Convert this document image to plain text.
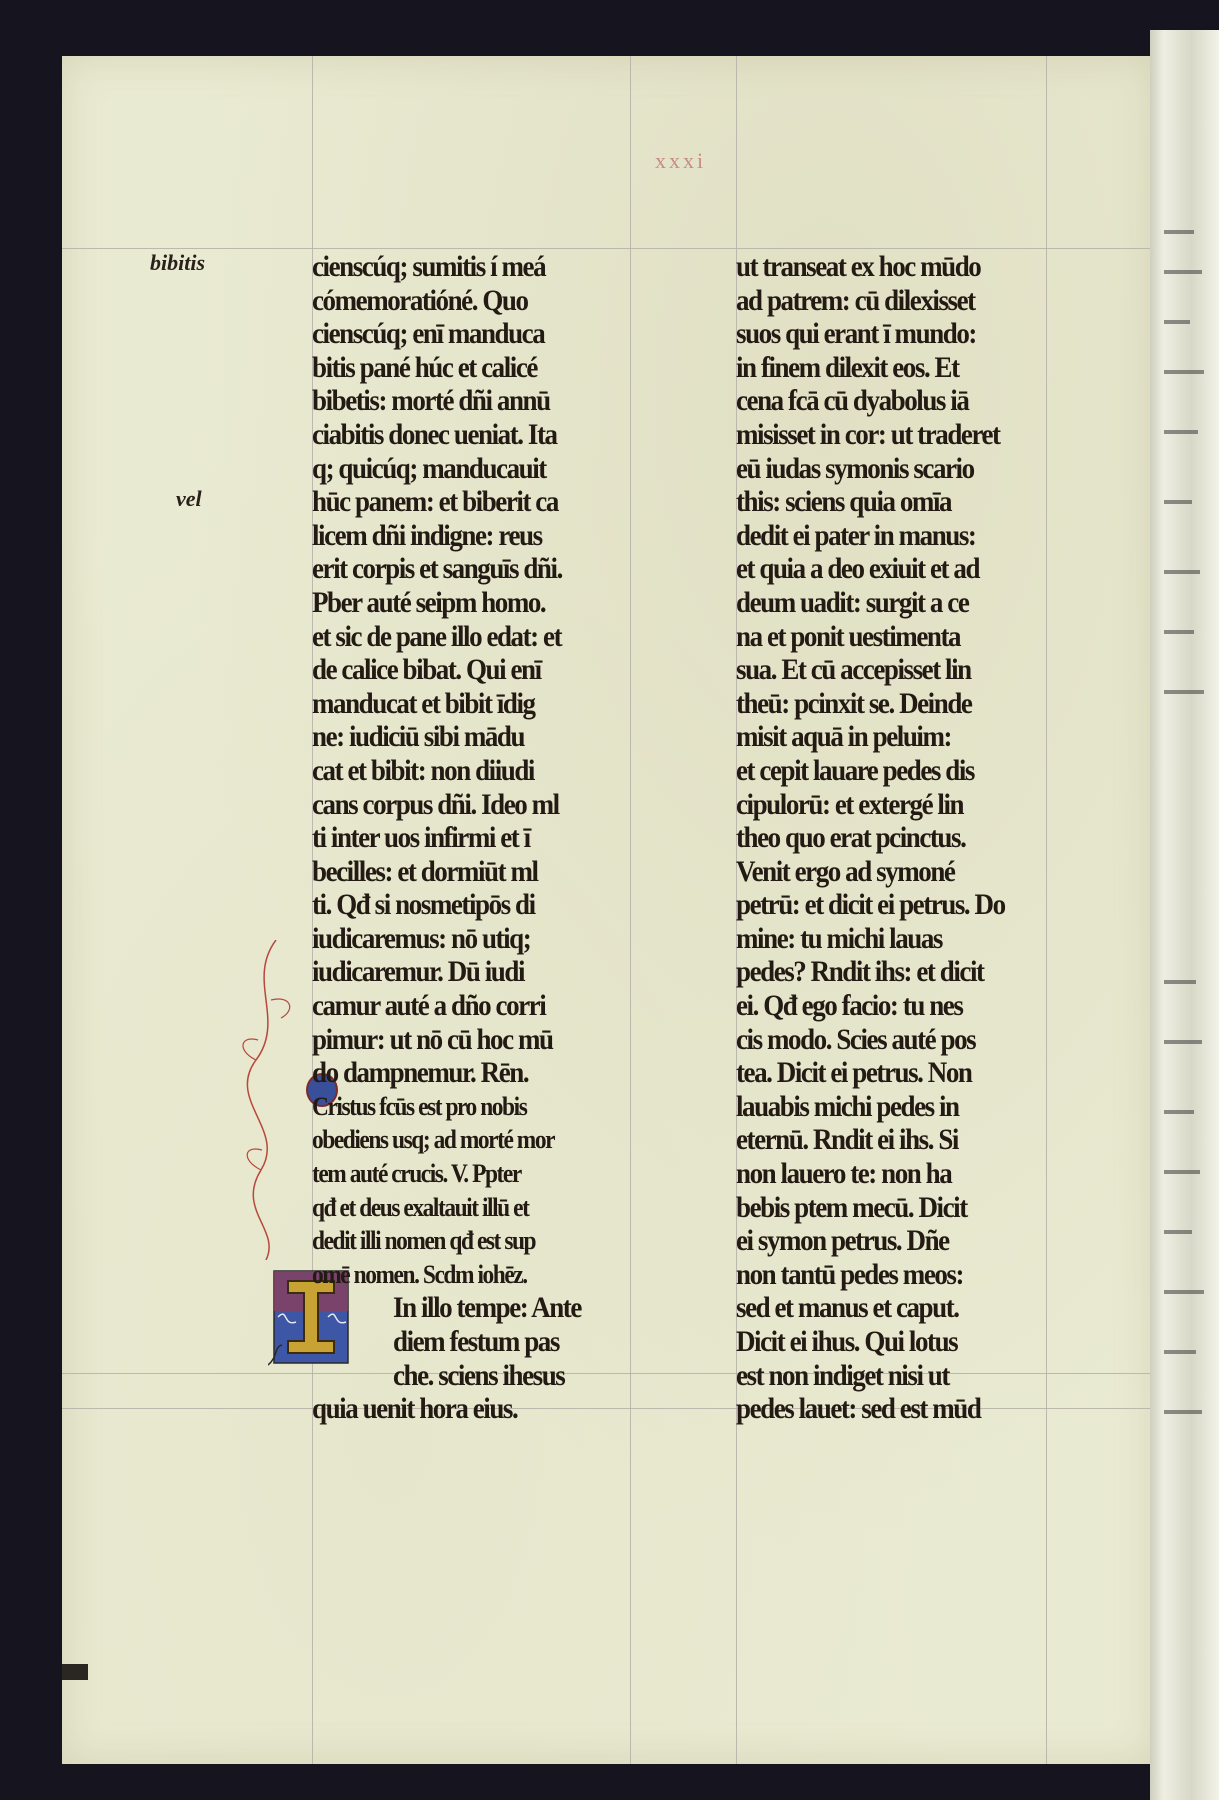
xxxi
bibitis
vel
cienscúq; sumitis í meá
cómemoratióné. Quo
cienscúq; enī manduca
bitis pané húc et calicé
bibetis: morté dñi annū
ciabitis donec ueniat. Ita
q; quicúq; manducauit
hūc panem: et biberit ca
licem dñi indigne: reus
erit corpis et sanguīs dñi.
Pber auté seipm homo.
et sic de pane illo edat: et
de calice bibat. Qui enī
manducat et bibit īdig
ne: iudiciū sibi mādu
cat et bibit: non diiudi
cans corpus dñi. Ideo ml
ti inter uos infirmi et ī
becilles: et dormiūt ml
ti. Qđ si nosmetipōs di
iudicaremus: nō utiq;
iudicaremur. Dū iudi
camur auté a dño corri
pimur: ut nō cū hoc mū
do dampnemur. Rēn.
Cristus fcūs est pro nobis
obediens usq; ad morté mor
tem auté crucis. V. Ppter
qđ et deus exaltauit illū et
dedit illi nomen qđ est sup
omē nomen. Scdm iohēz.
In illo tempe: Ante
diem festum pas
che. sciens ihesus
quia uenit hora eius.
ut transeat ex hoc mūdo
ad patrem: cū dilexisset
suos qui erant ī mundo:
in finem dilexit eos. Et
cena fcā cū dyabolus iā
misisset in cor: ut traderet
eū iudas symonis scario
this: sciens quia omīa
dedit ei pater in manus:
et quia a deo exiuit et ad
deum uadit: surgit a ce
na et ponit uestimenta
sua. Et cū accepisset lin
theū: pcinxit se. Deinde
misit aquā in peluim:
et cepit lauare pedes dis
cipulorū: et extergé lin
theo quo erat pcinctus.
Venit ergo ad symoné
petrū: et dicit ei petrus. Do
mine: tu michi lauas
pedes? Rndit ihs: et dicit
ei. Qđ ego facio: tu nes
cis modo. Scies auté pos
tea. Dicit ei petrus. Non
lauabis michi pedes in
eternū. Rndit ei ihs. Si
non lauero te: non ha
bebis ptem mecū. Dicit
ei symon petrus. Dñe
non tantū pedes meos:
sed et manus et caput.
Dicit ei ihus. Qui lotus
est non indiget nisi ut
pedes lauet: sed est mūd
